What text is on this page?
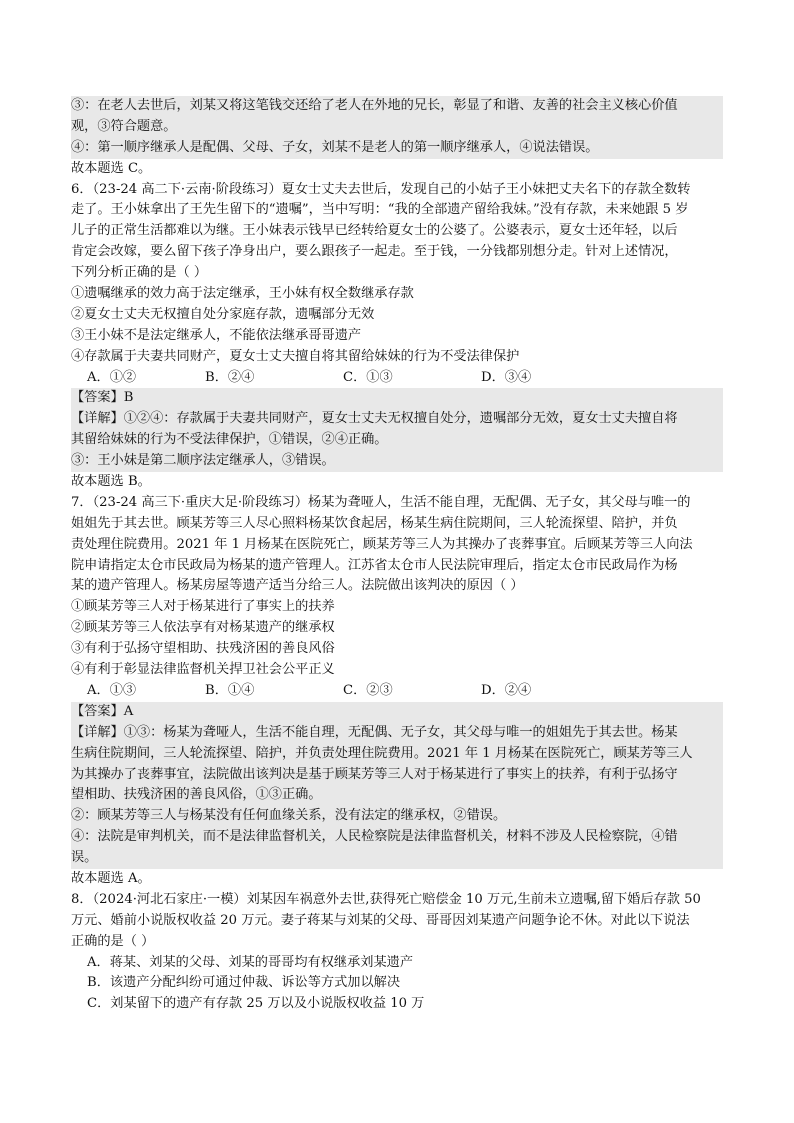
③：在老人去世后，刘某又将这笔钱交还给了老人在外地的兄长，彰显了和谐、友善的社会主义核心价值
观，③符合题意。
④：第一顺序继承人是配偶、父母、子女，刘某不是老人的第一顺序继承人，④说法错误。
故本题选 C。
6．（23-24 高二下·云南·阶段练习）夏女士丈夫去世后，发现自己的小姑子王小妹把丈夫名下的存款全数转
走了。王小妹拿出了王先生留下的“遗嘱”，当中写明：“我的全部遗产留给我妹。”没有存款，未来她跟 5 岁
儿子的正常生活都难以为继。王小妹表示钱早已经转给夏女士的公婆了。公婆表示，夏女士还年轻，以后
肯定会改嫁，要么留下孩子净身出户，要么跟孩子一起走。至于钱，一分钱都别想分走。针对上述情况，
下列分析正确的是（ ）
①遗嘱继承的效力高于法定继承，王小妹有权全数继承存款
②夏女士丈夫无权擅自处分家庭存款，遗嘱部分无效
③王小妹不是法定继承人，不能依法继承哥哥遗产
④存款属于夫妻共同财产，夏女士丈夫擅自将其留给妹妹的行为不受法律保护
A．①②	B．②④	C．①③	D．③④
【答案】B
【详解】①②④：存款属于夫妻共同财产，夏女士丈夫无权擅自处分，遗嘱部分无效，夏女士丈夫擅自将
其留给妹妹的行为不受法律保护，①错误，②④正确。
③：王小妹是第二顺序法定继承人，③错误。
故本题选 B。
7．（23-24 高三下·重庆大足·阶段练习）杨某为聋哑人，生活不能自理，无配偶、无子女，其父母与唯一的
姐姐先于其去世。顾某芳等三人尽心照料杨某饮食起居，杨某生病住院期间，三人轮流探望、陪护，并负
责处理住院费用。2021 年 1 月杨某在医院死亡，顾某芳等三人为其操办了丧葬事宜。后顾某芳等三人向法
院申请指定太仓市民政局为杨某的遗产管理人。江苏省太仓市人民法院审理后，指定太仓市民政局作为杨
某的遗产管理人。杨某房屋等遗产适当分给三人。法院做出该判决的原因（ ）
①顾某芳等三人对于杨某进行了事实上的扶养
②顾某芳等三人依法享有对杨某遗产的继承权
③有利于弘扬守望相助、扶残济困的善良风俗
④有利于彰显法律监督机关捍卫社会公平正义
A．①③	B．①④	C．②③	D．②④
【答案】A
【详解】①③：杨某为聋哑人，生活不能自理，无配偶、无子女，其父母与唯一的姐姐先于其去世。杨某
生病住院期间，三人轮流探望、陪护，并负责处理住院费用。2021 年 1 月杨某在医院死亡，顾某芳等三人
为其操办了丧葬事宜，法院做出该判决是基于顾某芳等三人对于杨某进行了事实上的扶养，有利于弘扬守
望相助、扶残济困的善良风俗，①③正确。
②：顾某芳等三人与杨某没有任何血缘关系，没有法定的继承权，②错误。
④：法院是审判机关，而不是法律监督机关，人民检察院是法律监督机关，材料不涉及人民检察院，④错
误。
故本题选 A。
8．（2024·河北石家庄·一模）刘某因车祸意外去世,获得死亡赔偿金 10 万元,生前未立遗嘱,留下婚后存款 50
万元、婚前小说版权收益 20 万元。妻子蒋某与刘某的父母、哥哥因刘某遗产问题争论不休。对此以下说法
正确的是（ ）
A．蒋某、刘某的父母、刘某的哥哥均有权继承刘某遗产
B．该遗产分配纠纷可通过仲裁、诉讼等方式加以解决
C．刘某留下的遗产有存款 25 万以及小说版权收益 10 万
